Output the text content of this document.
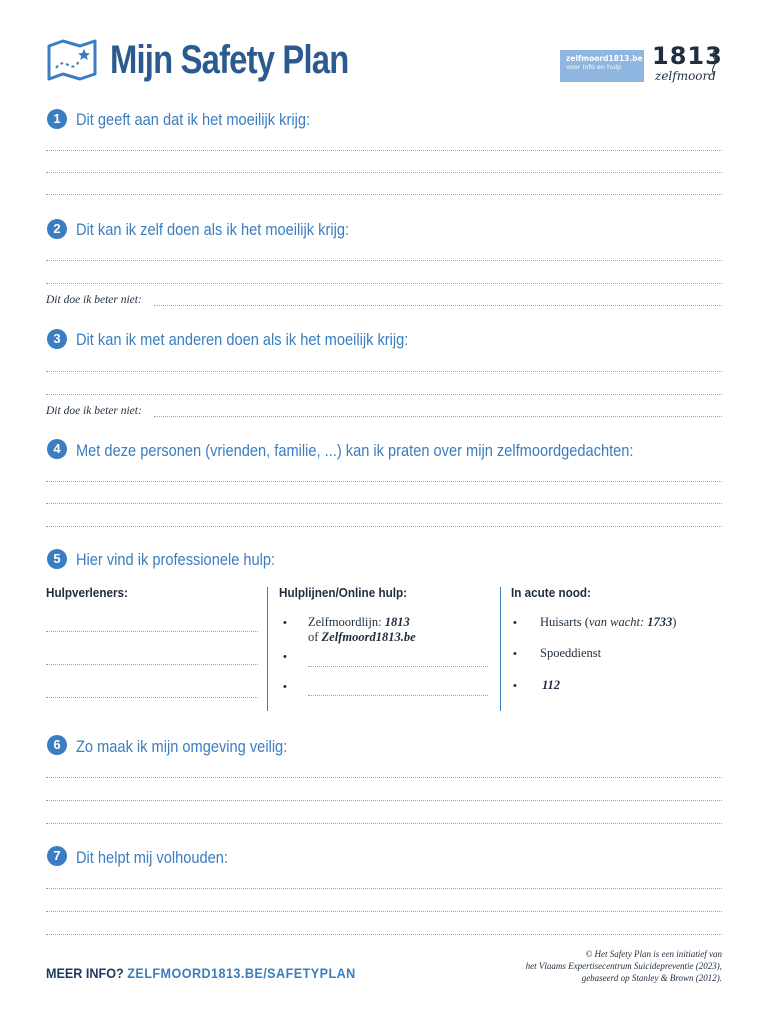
Mijn Safety Plan	zelfmoord1813.be
voor info en hulp	1813
zelfmoord
1 Dit geeft aan dat ik het moeilijk krijg:
2 Dit kan ik zelf doen als ik het moeilijk krijg:
Dit doe ik beter niet:
3 Dit kan ik met anderen doen als ik het moeilijk krijg:
Dit doe ik beter niet:
4 Met deze personen (vrienden, familie, ...) kan ik praten over mijn zelfmoordgedachten:
5 Hier vind ik professionele hulp:
Hulpverleners:	Hulplijnen/Online hulp:
• Zelfmoordlijn: 1813
of Zelfmoord1813.be
•
•
In acute nood:
• Huisarts (van wacht: 1733)
• Spoeddienst
• 112
6 Zo maak ik mijn omgeving veilig:
7 Dit helpt mij volhouden:
MEER INFO? ZELFMOORD1813.BE/SAFETYPLAN
© Het Safety Plan is een initiatief van
het Vlaams Expertisecentrum Suicidepreventie (2023),
gebaseerd op Stanley & Brown (2012).
